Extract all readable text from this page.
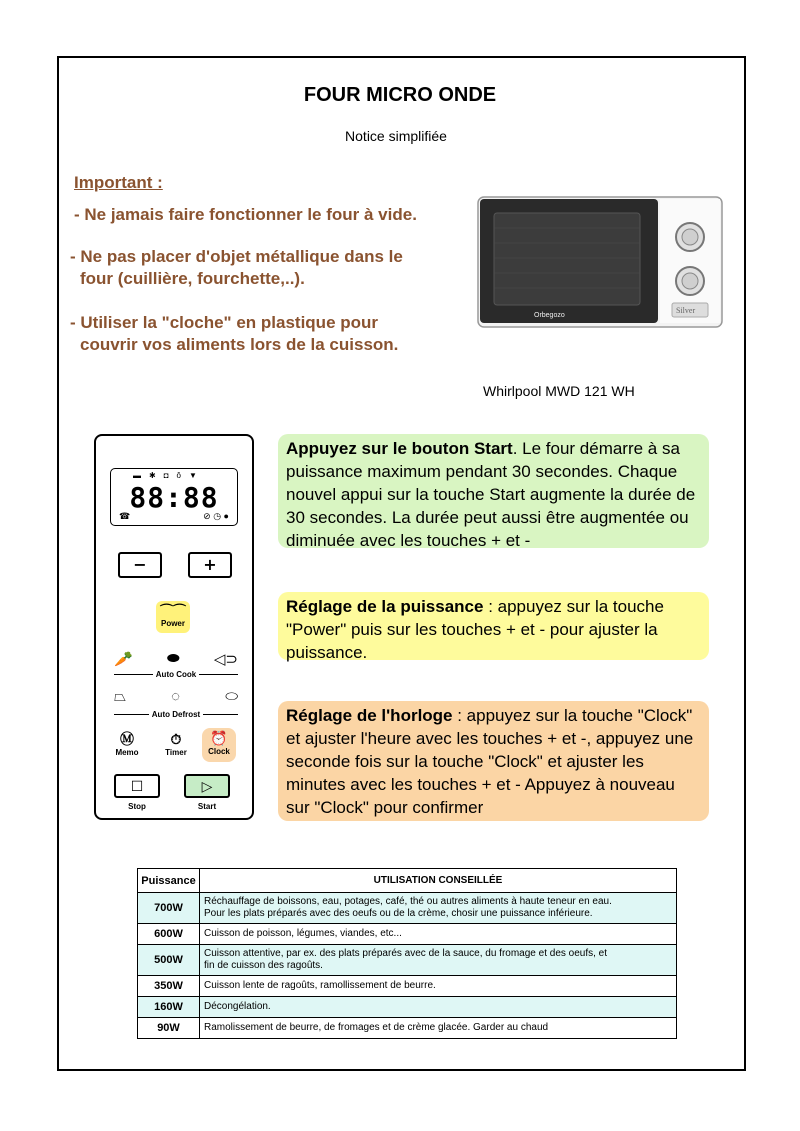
FOUR MICRO ONDE
Notice simplifiée
Important :
- Ne jamais faire fonctionner le four à vide.
- Ne pas placer d'objet métallique dans le
four (cuillière, fourchette,..).
- Utiliser la "cloche" en plastique pour
couvrir vos aliments lors de la cuisson.
Orbegozo
Silver
Whirlpool MWD 121 WH
▬✱◘ô▼
88:88
☎	⊘ ◷ ●
−	+
⌒⌒
Power
🥕 ⬬ ◁⊃
Auto Cook
⏢	◌	⬭
Auto Defrost
Ⓜ
Memo
⏱
Timer
⏰
Clock
☐	▷
Stop	Start
Appuyez sur le bouton Start. Le four démarre à sa puissance maximum pendant 30 secondes. Chaque nouvel appui sur la touche Start augmente la durée de 30 secondes. La durée peut aussi être augmentée ou diminuée avec les touches + et -
Réglage de la puissance : appuyez sur la touche "Power" puis sur les touches + et - pour ajuster la puissance.
Réglage de l'horloge : appuyez sur la touche "Clock" et ajuster l'heure avec les touches + et -, appuyez une seconde fois sur la touche "Clock" et ajuster les minutes avec les touches + et - Appuyez à nouveau sur "Clock" pour confirmer
Puissance	UTILISATION CONSEILLÉE
700W	Réchauffage de boissons, eau, potages, café, thé ou autres aliments à haute teneur en eau.
Pour les plats préparés avec des oeufs ou de la crème, chosir une puissance inférieure.
600W	Cuisson de poisson, légumes, viandes, etc...
500W	Cuisson attentive, par ex. des plats préparés avec de la sauce, du fromage et des oeufs, et
fin de cuisson des ragoûts.
350W	Cuisson lente de ragoûts, ramollissement de beurre.
160W	Décongélation.
90W	Ramolissement de beurre, de fromages et de crème glacée. Garder au chaud
